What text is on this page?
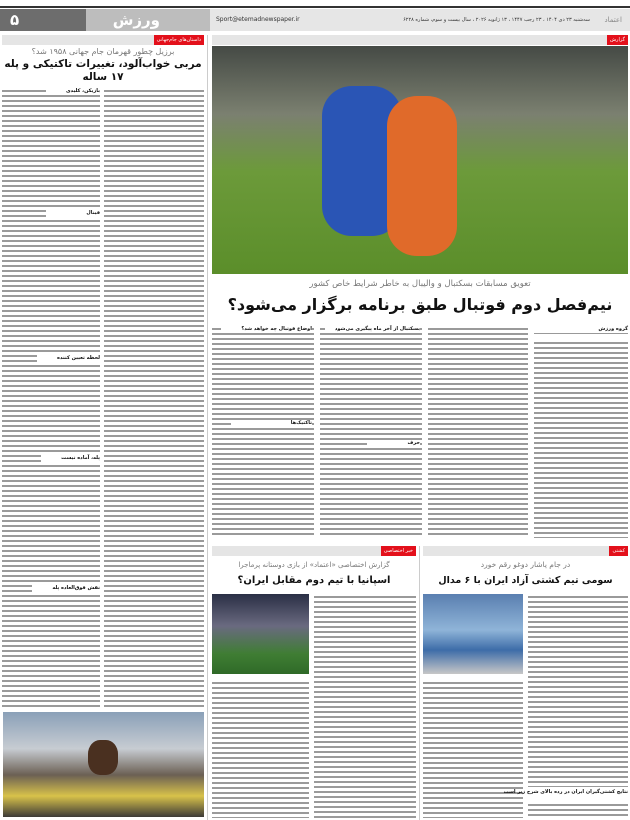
۵	ورزش	Sport@etemadnewspaper.ir	سه‌شنبه ۲۳ دی ۱۴۰۴ ، ۲۳ رجب ۱۴۴۷ ، ۱۳ ژانویه ۲۰۲۶ ، سال بیست و سوم، شماره ۶۲۲۸ اعتماد
داستان‌های جام‌جهانی
برزیل چطور قهرمان جام جهانی ۱۹۵۸ شد؟
مربی خواب‌آلود، تغییرات تاکتیکی و پله ۱۷ ساله
بازیکن، کلیدی
فینال
لحظه تعیین کننده
پله، آماده نیست
نقش فوق‌العاده پله
گزارش
تعویق مسابقات بسکتبال و والیبال به خاطر شرایط خاص کشور
نیم‌فصل دوم فوتبال طبق برنامه برگزار می‌شود؟
گروه ورزش
بسکتبال از آخر ماه پیگیری می‌شود
حرف
اوضاع فوتبال چه خواهد شد؟
تاکتیک‌ها
خبر اختصاصی
گزارش اختصاصی «اعتماد» از بازی دوستانه پرماجرا
اسپانیا با تیم دوم مقابل ایران؟
کشتی
در جام یاشار دوغو رقم خورد
سومی تیم کشتی آزاد ایران با ۶ مدال
نتایج کشتی‌گیران ایران در رده بالای شرح زیر است
